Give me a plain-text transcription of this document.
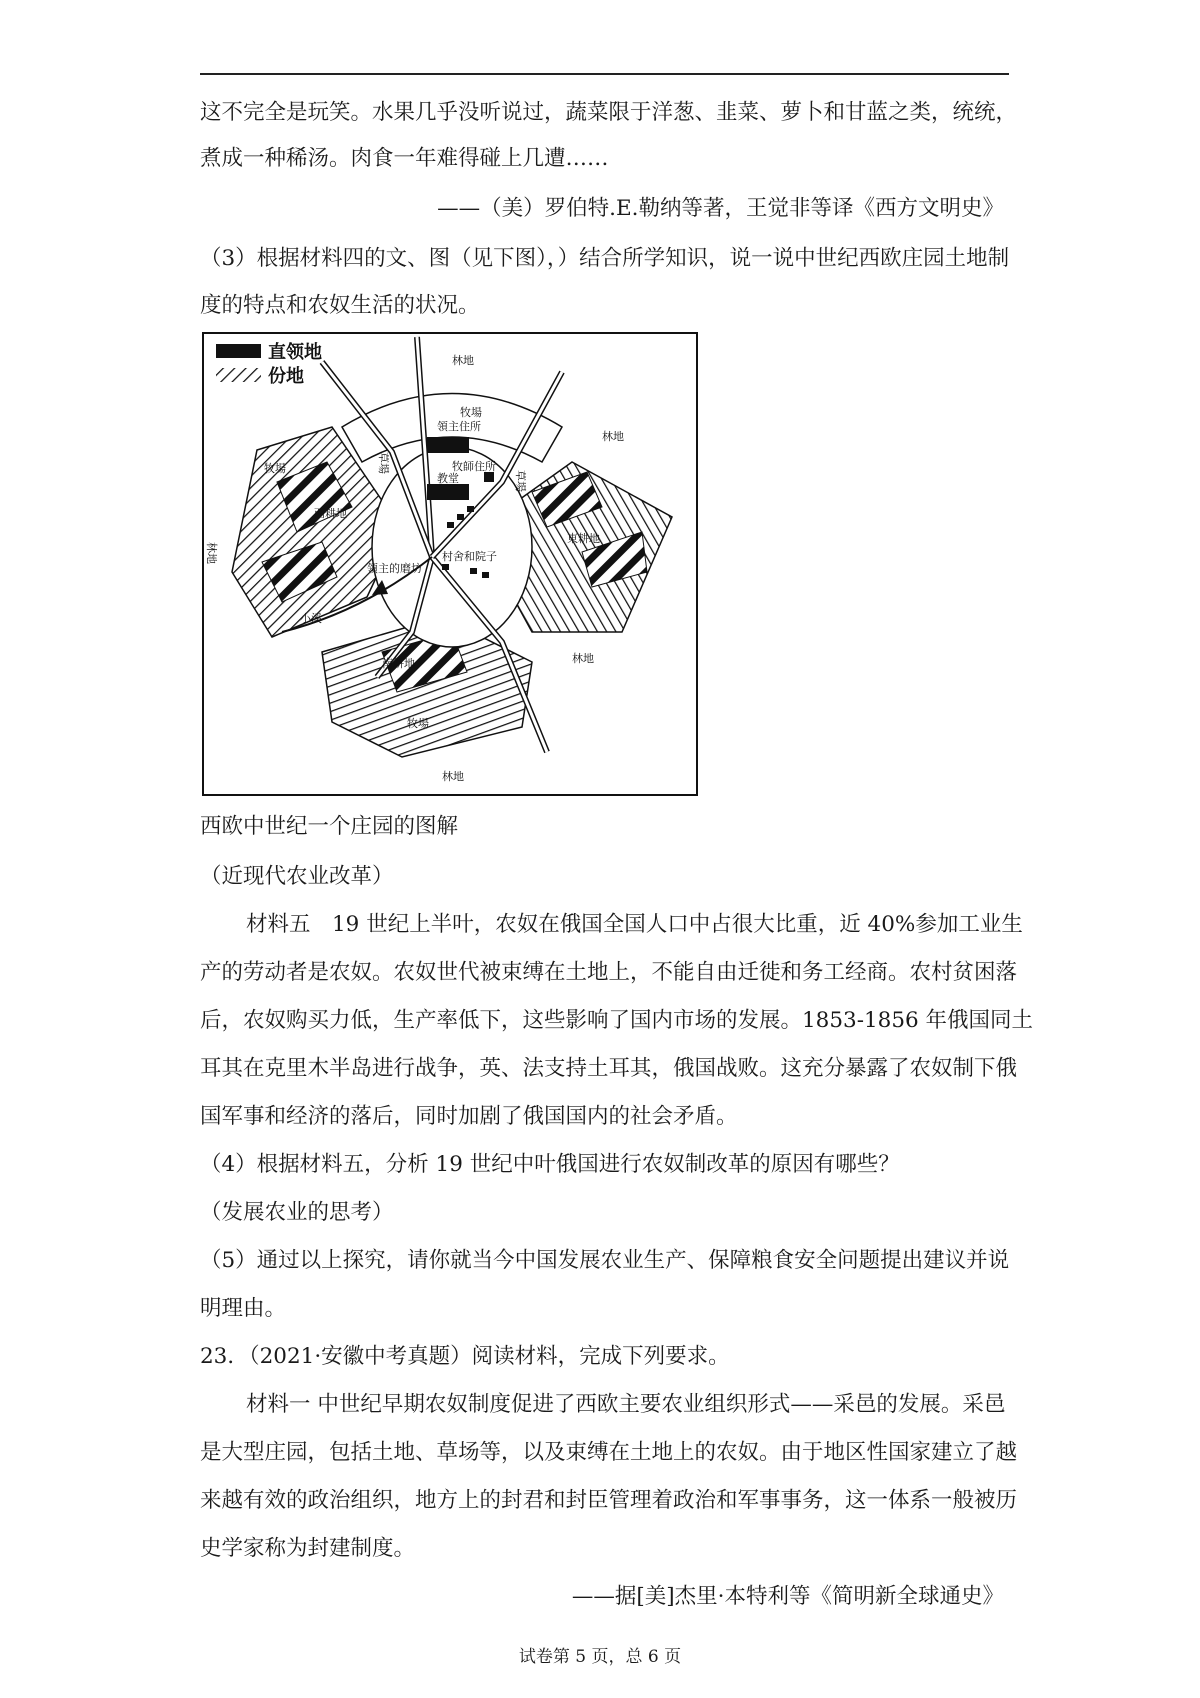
这不完全是玩笑。水果几乎没听说过，蔬菜限于洋葱、韭菜、萝卜和甘蓝之类，统统，
煮成一种稀汤。肉食一年难得碰上几遭……
——（美）罗伯特.E.勒纳等著，王觉非等译《西方文明史》
（3）根据材料四的文、图（见下图），）结合所学知识，说一说中世纪西欧庄园土地制
度的特点和农奴生活的状况。
直领地
份地
林地
牧場
林地
領主住所
牧師住所
教堂
草場
草場
牧場
西耕地
林地
東耕地
村舍和院子
領主的磨坊
小溪
林地
南耕地
牧場
林地
西欧中世纪一个庄园的图解
（近现代农业改革）
材料五　19 世纪上半叶，农奴在俄国全国人口中占很大比重，近 40%参加工业生
产的劳动者是农奴。农奴世代被束缚在土地上，不能自由迁徙和务工经商。农村贫困落
后，农奴购买力低，生产率低下，这些影响了国内市场的发展。1853-1856 年俄国同土
耳其在克里木半岛进行战争，英、法支持土耳其，俄国战败。这充分暴露了农奴制下俄
国军事和经济的落后，同时加剧了俄国国内的社会矛盾。
（4）根据材料五，分析 19 世纪中叶俄国进行农奴制改革的原因有哪些？
（发展农业的思考）
（5）通过以上探究，请你就当今中国发展农业生产、保障粮食安全问题提出建议并说
明理由。
23．（2021·安徽中考真题）阅读材料，完成下列要求。
材料一 中世纪早期农奴制度促进了西欧主要农业组织形式——采邑的发展。采邑
是大型庄园，包括土地、草场等，以及束缚在土地上的农奴。由于地区性国家建立了越
来越有效的政治组织，地方上的封君和封臣管理着政治和军事事务，这一体系一般被历
史学家称为封建制度。
——据[美]杰里·本特利等《简明新全球通史》
试卷第 5 页，总 6 页
